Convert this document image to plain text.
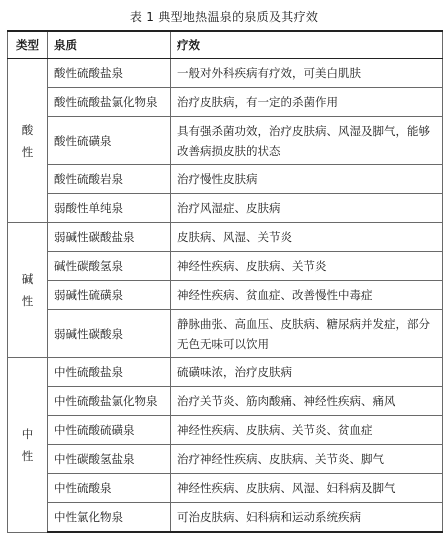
表 1 典型地热温泉的泉质及其疗效
类型	泉质	疗效

酸
性	酸性硫酸盐泉	一般对外科疾病有疗效，可美白肌肤
	酸性硫酸盐氯化物泉	治疗皮肤病，有一定的杀菌作用
	酸性硫磺泉	具有强杀菌功效，治疗皮肤病、风湿及脚气，能够改善病损皮肤的状态
	酸性硫酸岩泉	治疗慢性皮肤病
	弱酸性单纯泉	治疗风湿症、皮肤病

碱
性	弱碱性碳酸盐泉	皮肤病、风湿、关节炎
	碱性碳酸氢泉	神经性疾病、皮肤病、关节炎
	弱碱性硫磺泉	神经性疾病、贫血症、改善慢性中毒症
	弱碱性碳酸泉	静脉曲张、高血压、皮肤病、糖尿病并发症，部分无色无味可以饮用

中
性	中性硫酸盐泉	硫磺味浓，治疗皮肤病
	中性硫酸盐氯化物泉	治疗关节炎、筋肉酸痛、神经性疾病、痛风
	中性硫酸硫磺泉	神经性疾病、皮肤病、关节炎、贫血症
	中性碳酸氢盐泉	治疗神经性疾病、皮肤病、关节炎、脚气
	中性硫酸泉	神经性疾病、皮肤病、风湿、妇科病及脚气
	中性氯化物泉	可治皮肤病、妇科病和运动系统疾病
